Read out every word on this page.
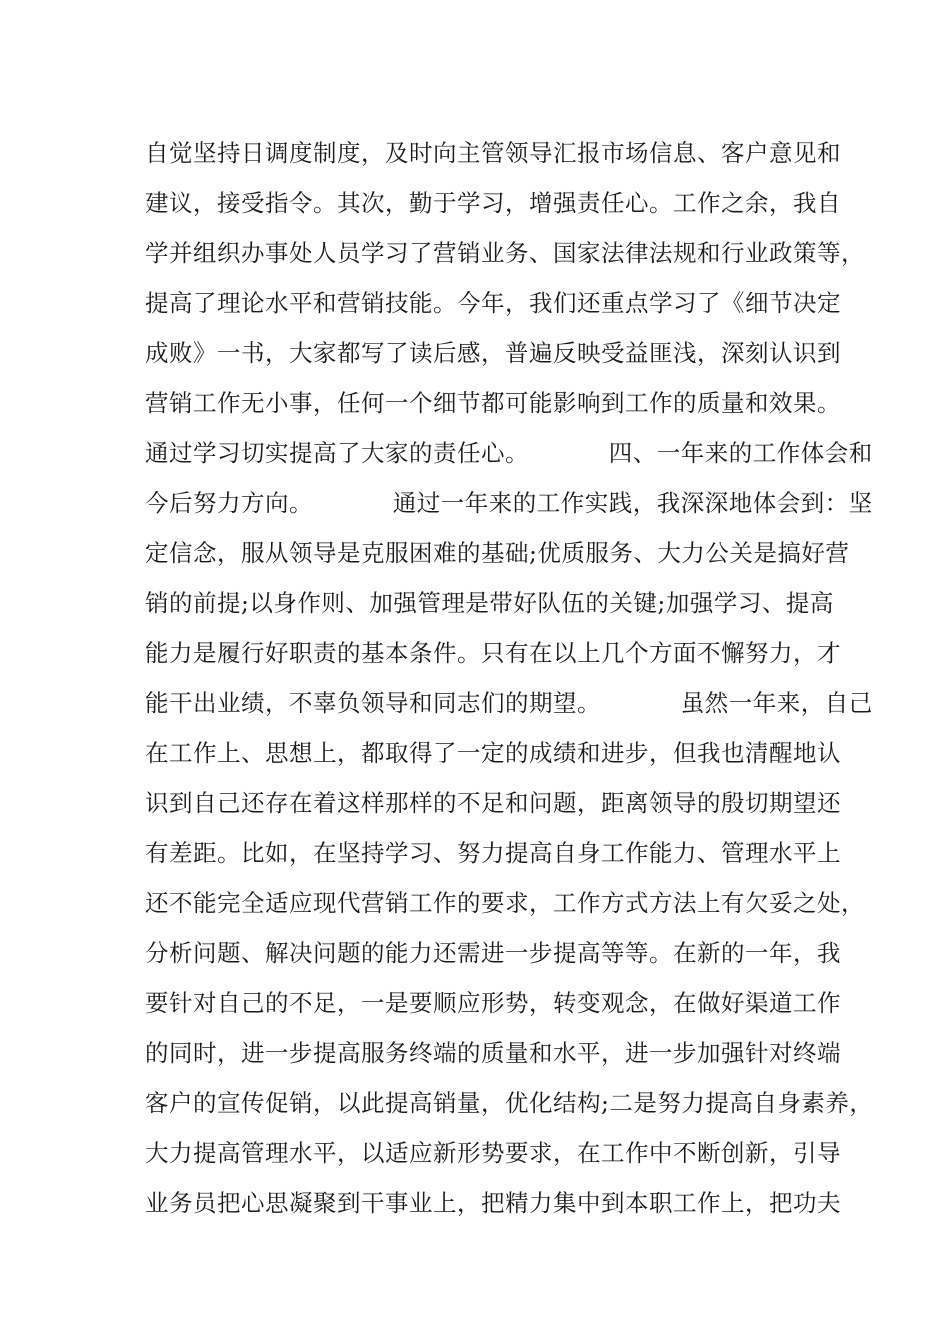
自觉坚持日调度制度，及时向主管领导汇报市场信息、客户意见和
建议，接受指令。其次，勤于学习，增强责任心。工作之余，我自
学并组织办事处人员学习了营销业务、国家法律法规和行业政策等，
提高了理论水平和营销技能。今年，我们还重点学习了《细节决定
成败》一书，大家都写了读后感，普遍反映受益匪浅，深刻认识到
营销工作无小事，任何一个细节都可能影响到工作的质量和效果。
通过学习切实提高了大家的责任心。          四、一年来的工作体会和
今后努力方向。          通过一年来的工作实践，我深深地体会到：坚
定信念，服从领导是克服困难的基础;优质服务、大力公关是搞好营
销的前提;以身作则、加强管理是带好队伍的关键;加强学习、提高
能力是履行好职责的基本条件。只有在以上几个方面不懈努力，才
能干出业绩，不辜负领导和同志们的期望。          虽然一年来，自己
在工作上、思想上，都取得了一定的成绩和进步，但我也清醒地认
识到自己还存在着这样那样的不足和问题，距离领导的殷切期望还
有差距。比如，在坚持学习、努力提高自身工作能力、管理水平上
还不能完全适应现代营销工作的要求，工作方式方法上有欠妥之处，
分析问题、解决问题的能力还需进一步提高等等。在新的一年，我
要针对自己的不足，一是要顺应形势，转变观念，在做好渠道工作
的同时，进一步提高服务终端的质量和水平，进一步加强针对终端
客户的宣传促销，以此提高销量，优化结构;二是努力提高自身素养，
大力提高管理水平，以适应新形势要求，在工作中不断创新，引导
业务员把心思凝聚到干事业上，把精力集中到本职工作上，把功夫
